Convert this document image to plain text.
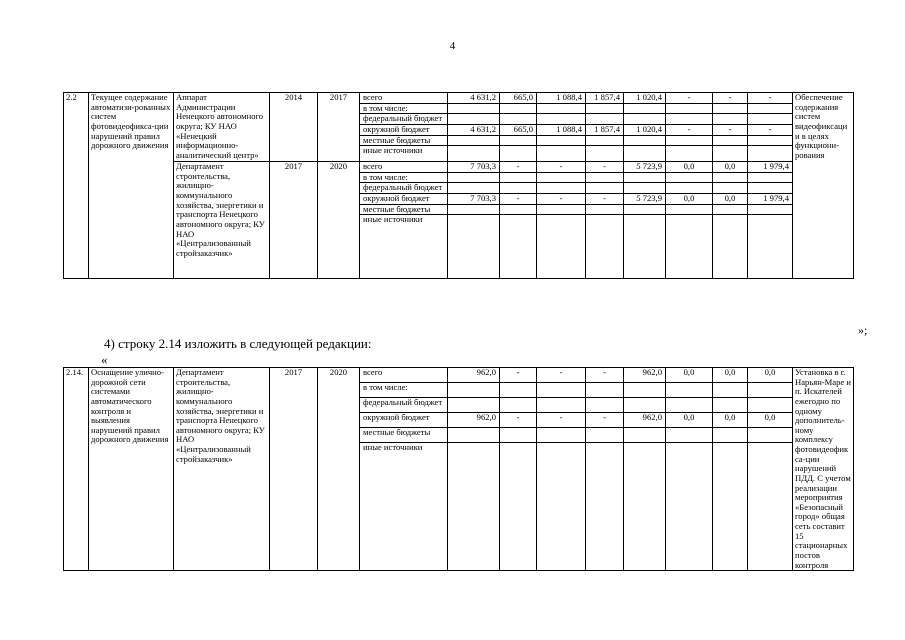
4
2.2	Текущее содержание автоматизи-рованных систем фотовидеофикса-ции нарушений правил дорожного движения	Аппарат Администрации Ненецкого автономного округа; КУ НАО «Ненецкий информационно-аналитический центр»	2014	2017	всего	4 631,2	665,0	1 088,4	1 857,4	1 020,4	-	-	-	Обеспечение содержания систем видеофиксации в целях функциони-рования
					в том числе:									
					федеральный бюджет									
					окружной бюджет	4 631,2	665,0	1 088,4	1 857,4	1 020,4	-	-	-	
					местные бюджеты									
					иные источники									
		Департамент строительства, жилищно-коммунального хозяйства, энергетики и транспорта Ненецкого автономного округа; КУ НАО «Централизованный стройзаказчик»	2017	2020	всего	7 703,3	-	-	-	5 723,9	0,0	0,0	1 979,4	
					в том числе:									
					федеральный бюджет									
					окружной бюджет	7 703,3	-	-	-	5 723,9	0,0	0,0	1 979,4	
					местные бюджеты									
					иные источники									
»;
4) строку 2.14 изложить в следующей редакции:
«
2.14.	Оснащение улично-дорожной сети системами автоматического контроля и выявления нарушений правил дорожного движения	Департамент строительства, жилищно-коммунального хозяйства, энергетики и транспорта Ненецкого автономного округа; КУ НАО «Централизованный стройзаказчик»	2017	2020	всего	962,0	-	-	-	962,0	0,0	0,0	0,0	Установка в г. Нарьян-Маре и п. Искателей ежегодно по одному дополнитель-ному комплексу фотовидеофикса-ции нарушений ПДД. С учетом реализации мероприятия «Безопасный город» общая сеть составит 15 стационарных постов контроля
					в том числе:									
					федеральный бюджет									
					окружной бюджет	962,0	-	-	-	962,0	0,0	0,0	0,0	
					местные бюджеты									
					иные источники									
